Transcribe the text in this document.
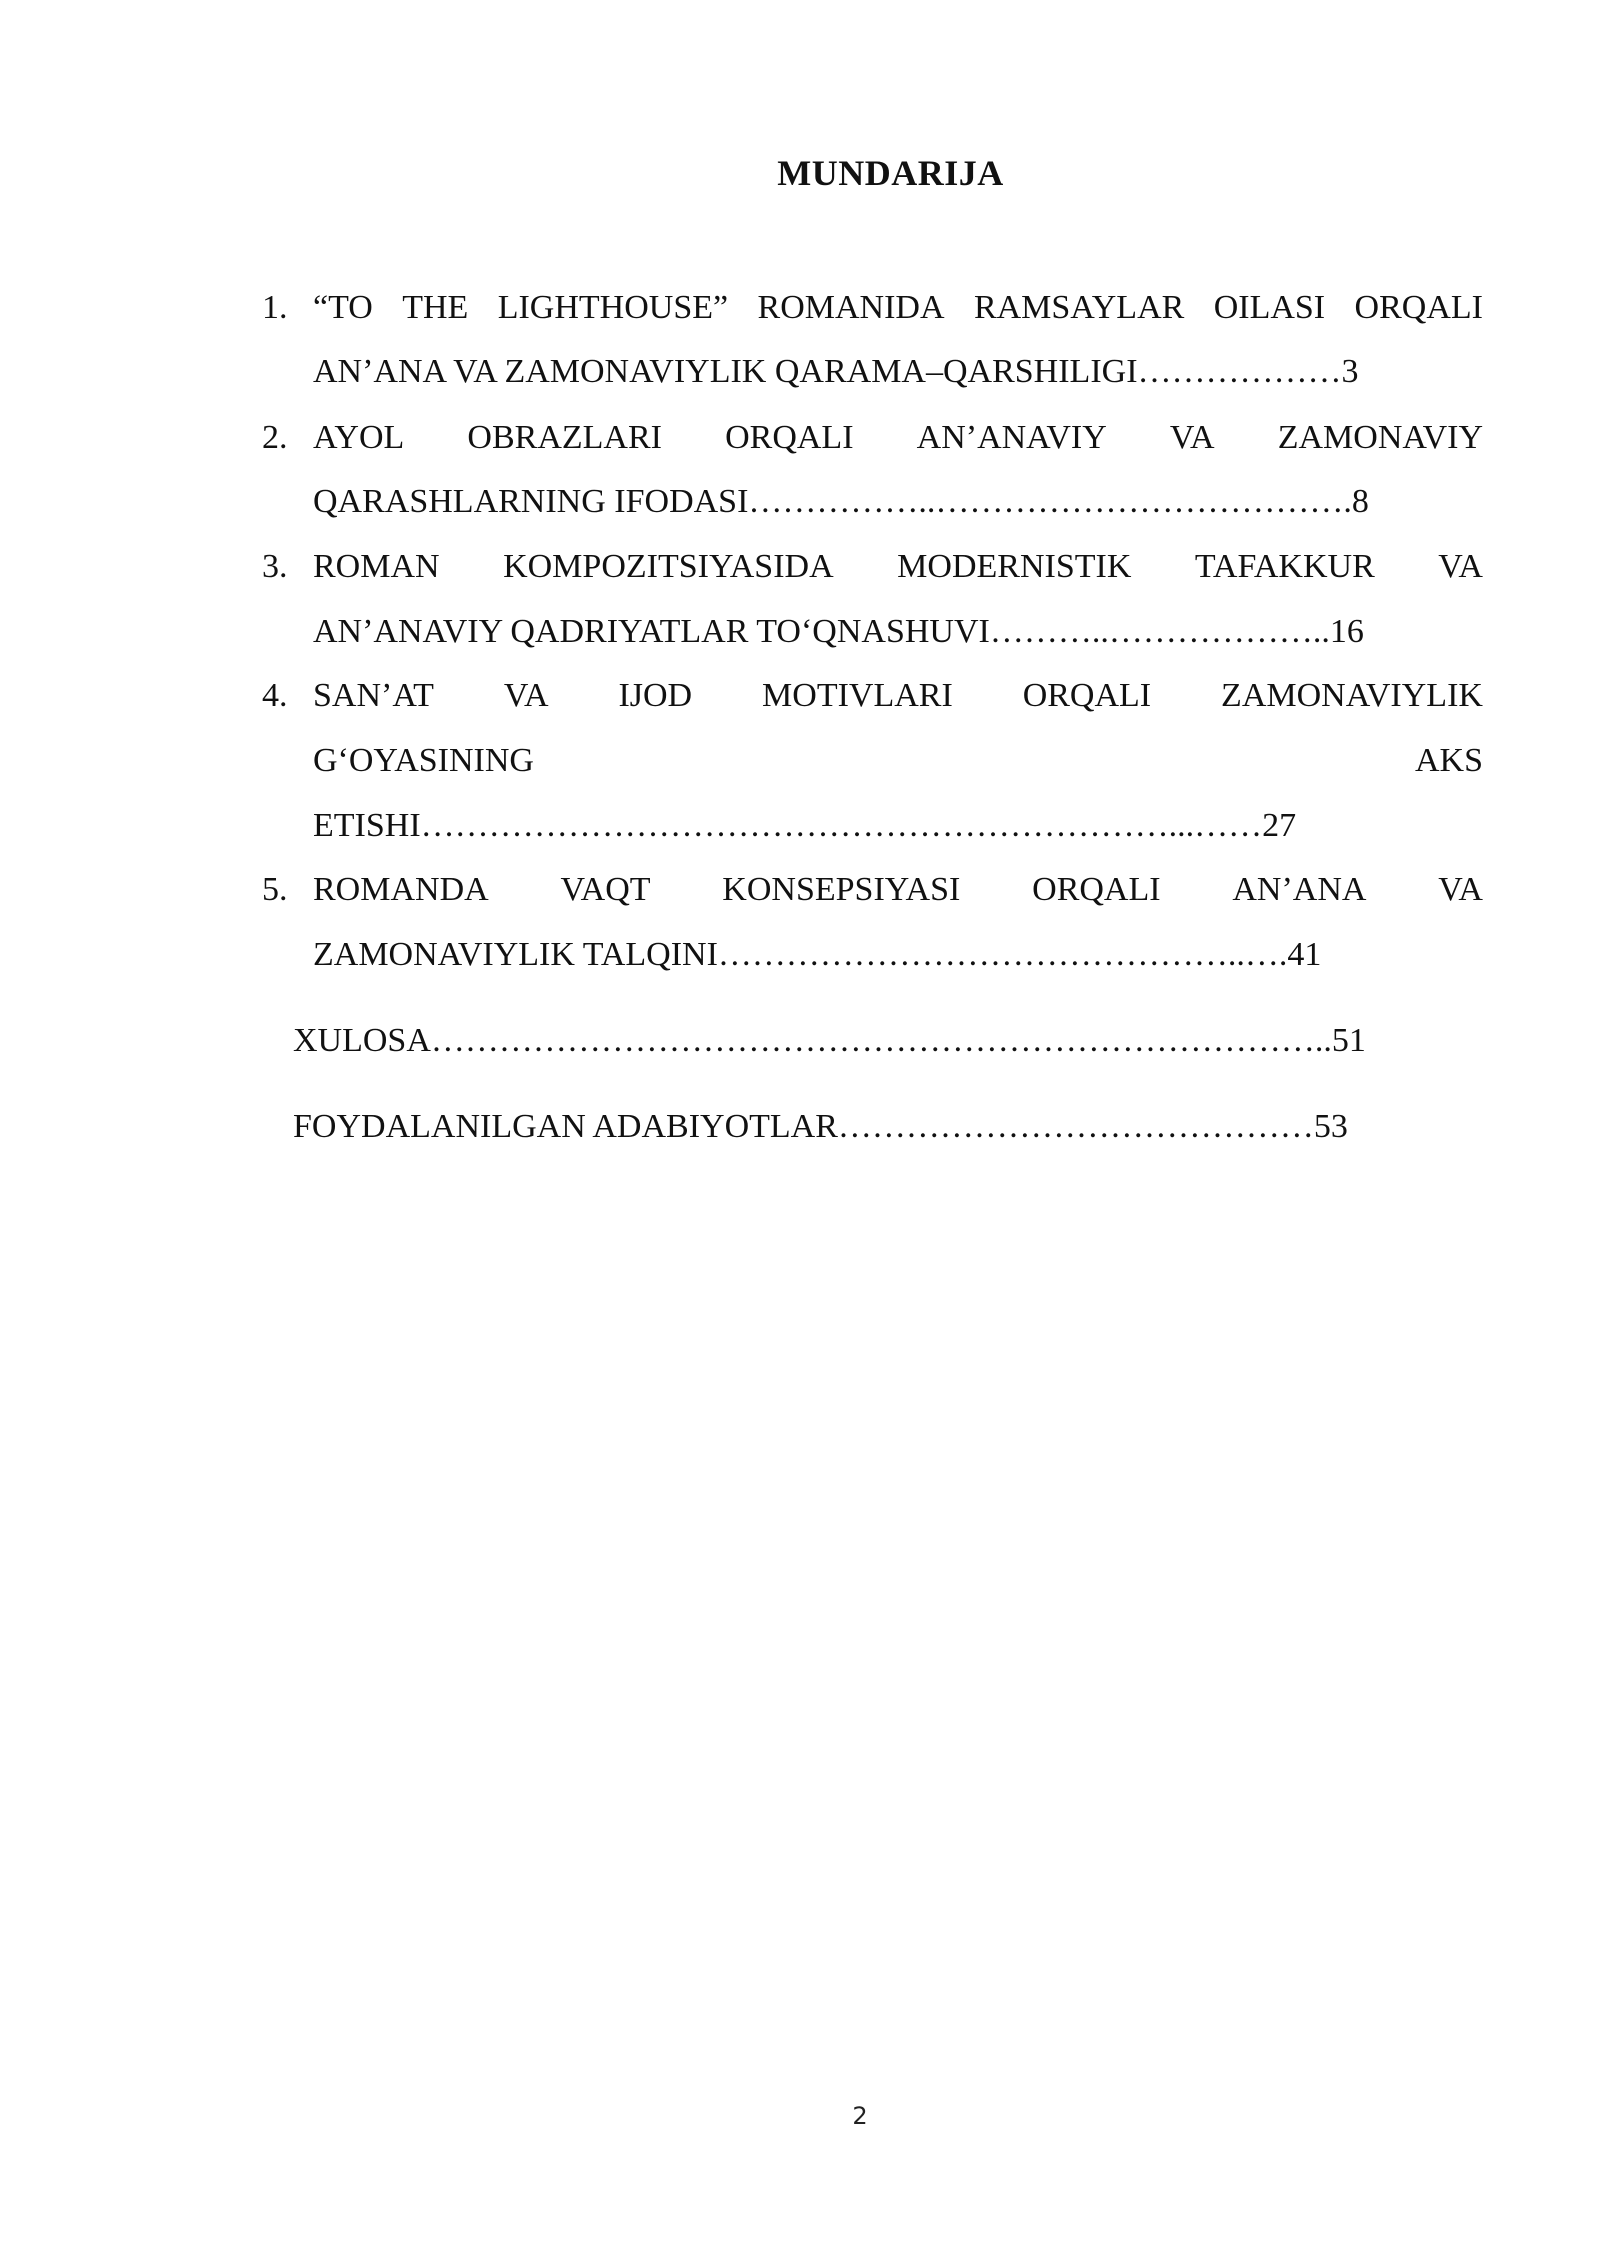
MUNDARIJA
1. “TO THE LIGHTHOUSE” ROMANIDA RAMSAYLAR OILASI ORQALI
AN’ANA VA ZAMONAVIYLIK QARAMA–QARSHILIGI………………3
2. AYOL OBRAZLARI ORQALI AN’ANAVIY VA ZAMONAVIY
QARASHLARNING IFODASI……………..……………………………….8
3. ROMAN KOMPOZITSIYASIDA MODERNISTIK TAFAKKUR VA
AN’ANAVIY QADRIYATLAR TO‘QNASHUVI………..………………..16
4. SAN’AT VA IJOD MOTIVLARI ORQALI ZAMONAVIYLIK
G‘OYASINING	AKS
ETISHI…………………………………………………………...……27
5. ROMANDA VAQT KONSEPSIYASI ORQALI AN’ANA VA
ZAMONAVIYLIK TALQINI………………………………………..….41
XULOSA……………………………………………………………………..51
FOYDALANILGAN ADABIYOTLAR……………………………………53
2
